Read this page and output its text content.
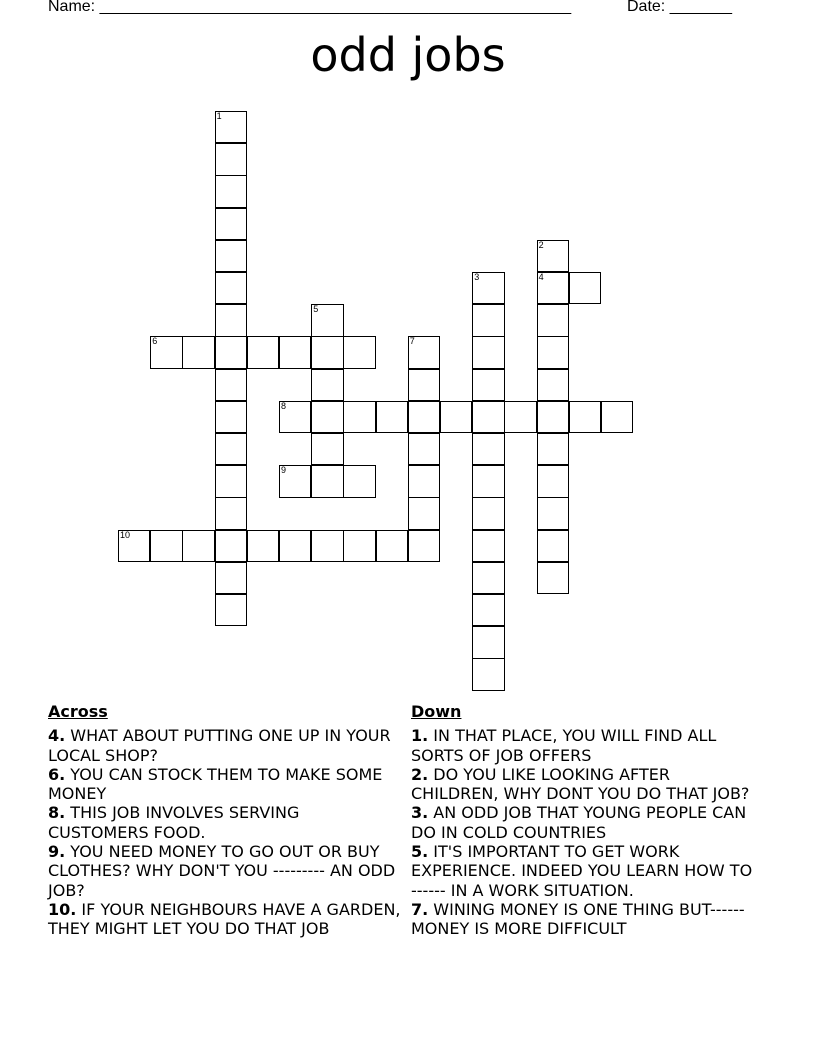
Name: _____________________________________________________	Date: _______
odd jobs
1
2
4
3
5
6	7
8
9
10
Across

4. WHAT ABOUT PUTTING ONE UP IN YOUR LOCAL SHOP?

6. YOU CAN STOCK THEM TO MAKE SOME MONEY

8. THIS JOB INVOLVES SERVING CUSTOMERS FOOD.

9. YOU NEED MONEY TO GO OUT OR BUY CLOTHES? WHY DON'T YOU --------- AN ODD JOB?

10. IF YOUR NEIGHBOURS HAVE A GARDEN, THEY MIGHT LET YOU DO THAT JOB

Down

1. IN THAT PLACE, YOU WILL FIND ALL SORTS OF JOB OFFERS

2. DO YOU LIKE LOOKING AFTER CHILDREN, WHY DONT YOU DO THAT JOB?

3. AN ODD JOB THAT YOUNG PEOPLE CAN DO IN COLD COUNTRIES

5. IT'S IMPORTANT TO GET WORK EXPERIENCE. INDEED YOU LEARN HOW TO ------ IN A WORK SITUATION.

7. WINING MONEY IS ONE THING BUT------ MONEY IS MORE DIFFICULT
